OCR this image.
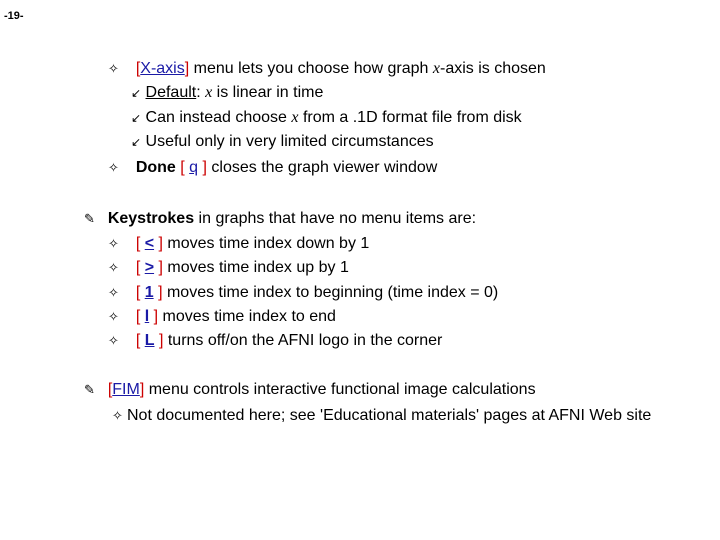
-19-
✧ [X-axis] menu lets you choose how graph x-axis is chosen
↙ Default: x is linear in time
↙ Can instead choose x from a .1D format file from disk
↙ Useful only in very limited circumstances
✧ Done [ q ] closes the graph viewer window
✎ Keystrokes in graphs that have no menu items are:
✧ [ < ] moves time index down by 1
✧ [ > ] moves time index up by 1
✧ [ 1 ] moves time index to beginning (time index = 0)
✧ [ l ] moves time index to end
✧ [ L ] turns off/on the AFNI logo in the corner
✎ [FIM] menu controls interactive functional image calculations
✧ Not documented here; see 'Educational materials' pages at AFNI Web site
